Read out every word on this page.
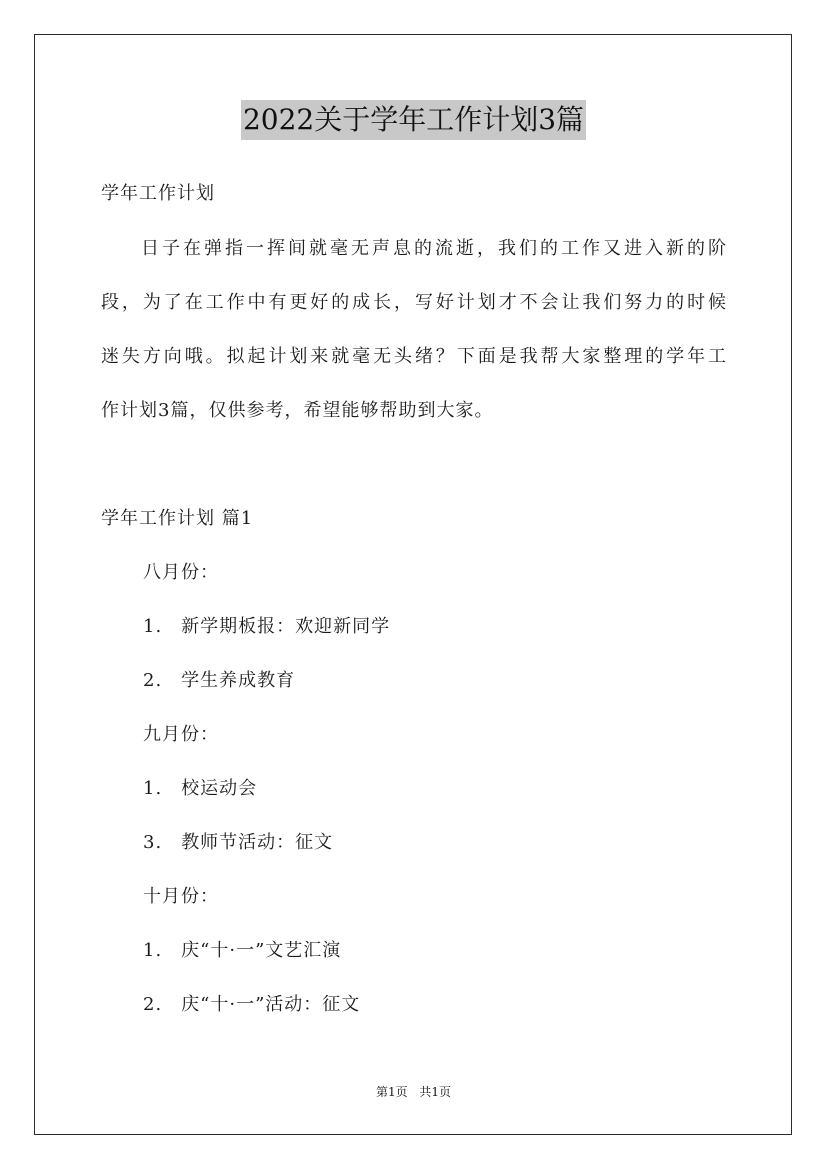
2022关于学年工作计划3篇
学年工作计划
日子在弹指一挥间就毫无声息的流逝，我们的工作又进入新的阶
段，为了在工作中有更好的成长，写好计划才不会让我们努力的时候
迷失方向哦。拟起计划来就毫无头绪？下面是我帮大家整理的学年工
作计划3篇，仅供参考，希望能够帮助到大家。
学年工作计划 篇1
八月份：
1.　新学期板报：欢迎新同学
2.　学生养成教育
九月份：
1.　校运动会
3.　教师节活动：征文
十月份：
1.　庆“十·一”文艺汇演
2.　庆“十·一”活动：征文
第1页 共1页
